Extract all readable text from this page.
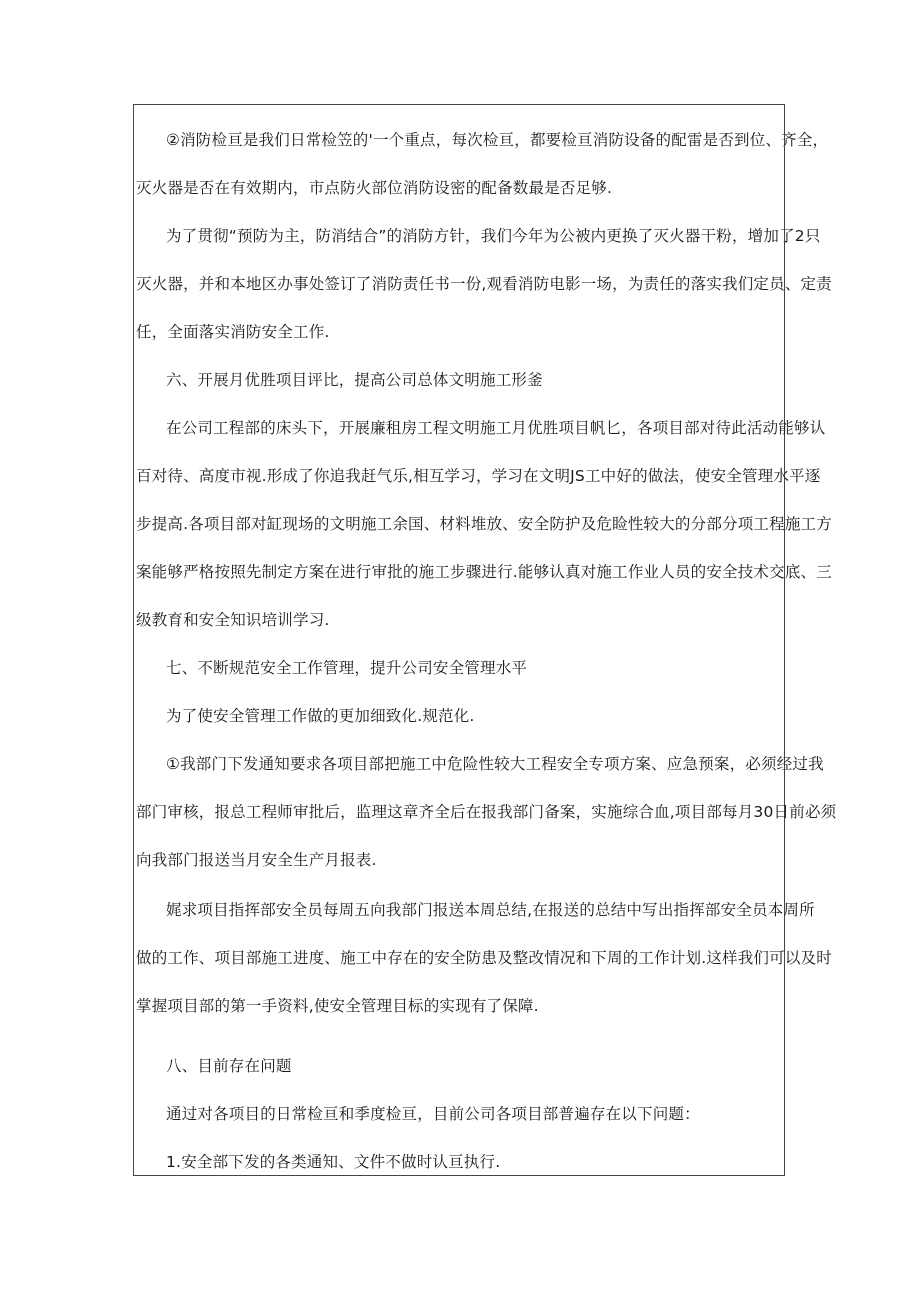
②消防检亘是我们日常检笠的'一个重点，每次检亘，都要检亘消防设备的配雷是否到位、齐全，
灭火器是否在有效期内，市点防火部位消防设密的配备数最是否足够.
为了贯彻“预防为主，防消结合”的消防方针，我们今年为公被内更换了灭火器干粉，增加了2只
灭火器，并和本地区办事处签订了消防责任书一份,观看消防电影一场，为责任的落实我们定员、定责
任，全面落实消防安全工作.
六、开展月优胜项目评比，提高公司总体文明施工形釜
在公司工程部的床头下，开展廉租房工程文明施工月优胜项目帆匕，各项目部对待此活动能够认
百对待、高度市视.形成了你追我赶气乐,相互学习，学习在文明JS工中好的做法，使安全管理水平逐
步提高.各项目部对缸现场的文明施工余国、材料堆放、安全防护及危睑性较大的分部分项工程施工方
案能够严格按照先制定方案在进行审批的施工步骤进行.能够认真对施工作业人员的安全技术交底、三
级教育和安全知识培训学习.
七、不断规范安全工作管理，提升公司安全管理水平
为了使安全管理工作做的更加细致化.规范化.
①我部门下发通知要求各项目部把施工中危险性较大工程安全专项方案、应急预案，必须经过我
部门审核，报总工程师审批后，监理这章齐全后在报我部门备案，实施综合血,项目部每月30日前必须
向我部门报送当月安全生产月报表.
娓求项目指挥部安全员每周五向我部门报送本周总结,在报送的总结中写出指挥部安全员本周所
做的工作、项目部施工进度、施工中存在的安全防患及整改情况和下周的工作计划.这样我们可以及时
掌握项目部的第一手资料,使安全管理目标的实现有了保障.
八、目前存在问题
通过对各项目的日常检亘和季度检亘，目前公司各项目部普遍存在以下问题：
1.安全部下发的各类通知、文件不做时认亘执行.
